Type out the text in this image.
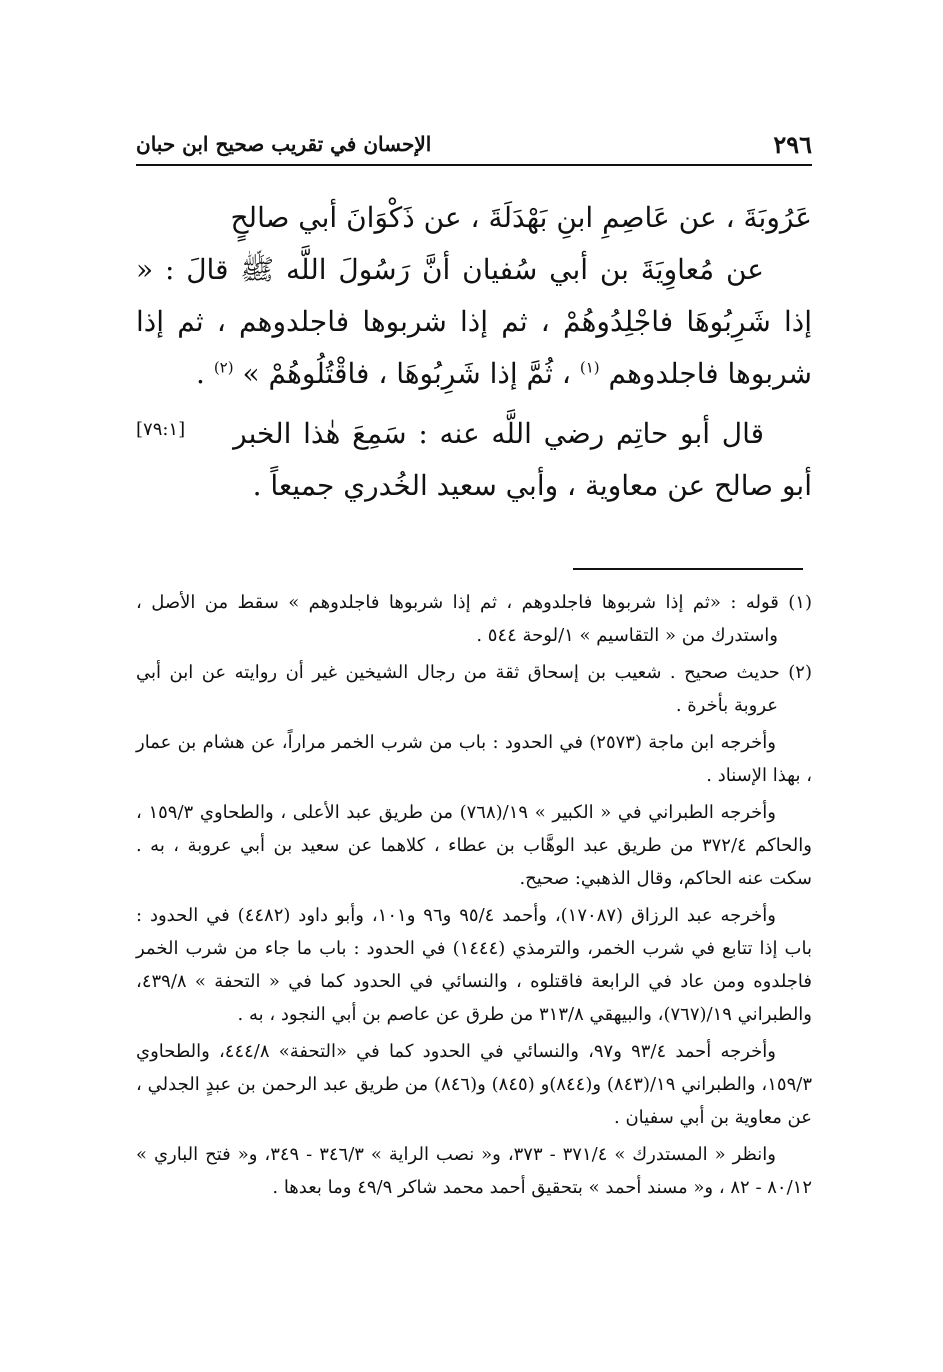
٢٩٦
الإحسان في تقريب صحيح ابن حبان

عَرُوبَةَ ، عن عَاصِمِ ابنِ بَهْدَلَةَ ، عن ذَكْوَانَ أبي صالحٍ

عن مُعاوِيَةَ بن أبي سُفيان أنَّ رَسُولَ اللَّه ﷺ قالَ : « إذا شَرِبُوهَا فاجْلِدُوهُمْ ، ثم إذا شربوها فاجلدوهم ، ثم إذا شربوها فاجلدوهم $^{(١)}$ ، ثُمَّ إذا شَرِبُوهَا ، فاقْتُلُوهُمْ » $^{(٢)}$ .
[٧٩:١]	قال أبو حاتِم رضي اللَّه عنه : سَمِعَ هٰذا الخبر أبو صالح عن معاوية ، وأبي سعيد الخُدري جميعاً .

(١) قوله : «ثم إذا شربوها فاجلدوهم ، ثم إذا شربوها فاجلدوهم » سقط من الأصل ، واستدرك من « التقاسيم » ١/لوحة ٥٤٤ .

(٢) حديث صحيح . شعيب بن إسحاق ثقة من رجال الشيخين غير أن روايته عن ابن أبي عروبة بأخرة .

وأخرجه ابن ماجة (٢٥٧٣) في الحدود : باب من شرب الخمر مراراً، عن هشام بن عمار ، بهذا الإسناد .

وأخرجه الطبراني في « الكبير » ١٩/(٧٦٨) من طريق عبد الأعلى ، والطحاوي ١٥٩/٣ ، والحاكم ٣٧٢/٤ من طريق عبد الوهَّاب بن عطاء ، كلاهما عن سعيد بن أبي عروبة ، به . سكت عنه الحاكم، وقال الذهبي: صحيح.

وأخرجه عبد الرزاق (١٧٠٨٧)، وأحمد ٩٥/٤ و٩٦ و١٠١، وأبو داود (٤٤٨٢) في الحدود : باب إذا تتابع في شرب الخمر، والترمذي (١٤٤٤) في الحدود : باب ما جاء من شرب الخمر فاجلدوه ومن عاد في الرابعة فاقتلوه ، والنسائي في الحدود كما في « التحفة » ٤٣٩/٨، والطبراني ١٩/(٧٦٧)، والبيهقي ٣١٣/٨ من طرق عن عاصم بن أبي النجود ، به .

وأخرجه أحمد ٩٣/٤ و٩٧، والنسائي في الحدود كما في «التحفة» ٤٤٤/٨، والطحاوي ١٥٩/٣، والطبراني ١٩/(٨٤٣) و(٨٤٤)و (٨٤٥) و(٨٤٦) من طريق عبد الرحمن بن عبدٍ الجدلي ، عن معاوية بن أبي سفيان .

وانظر « المستدرك » ٣٧١/٤ - ٣٧٣، و« نصب الراية » ٣٤٦/٣ - ٣٤٩، و« فتح الباري » ٨٠/١٢ - ٨٢ ، و« مسند أحمد » بتحقيق أحمد محمد شاكر ٤٩/٩ وما بعدها .
